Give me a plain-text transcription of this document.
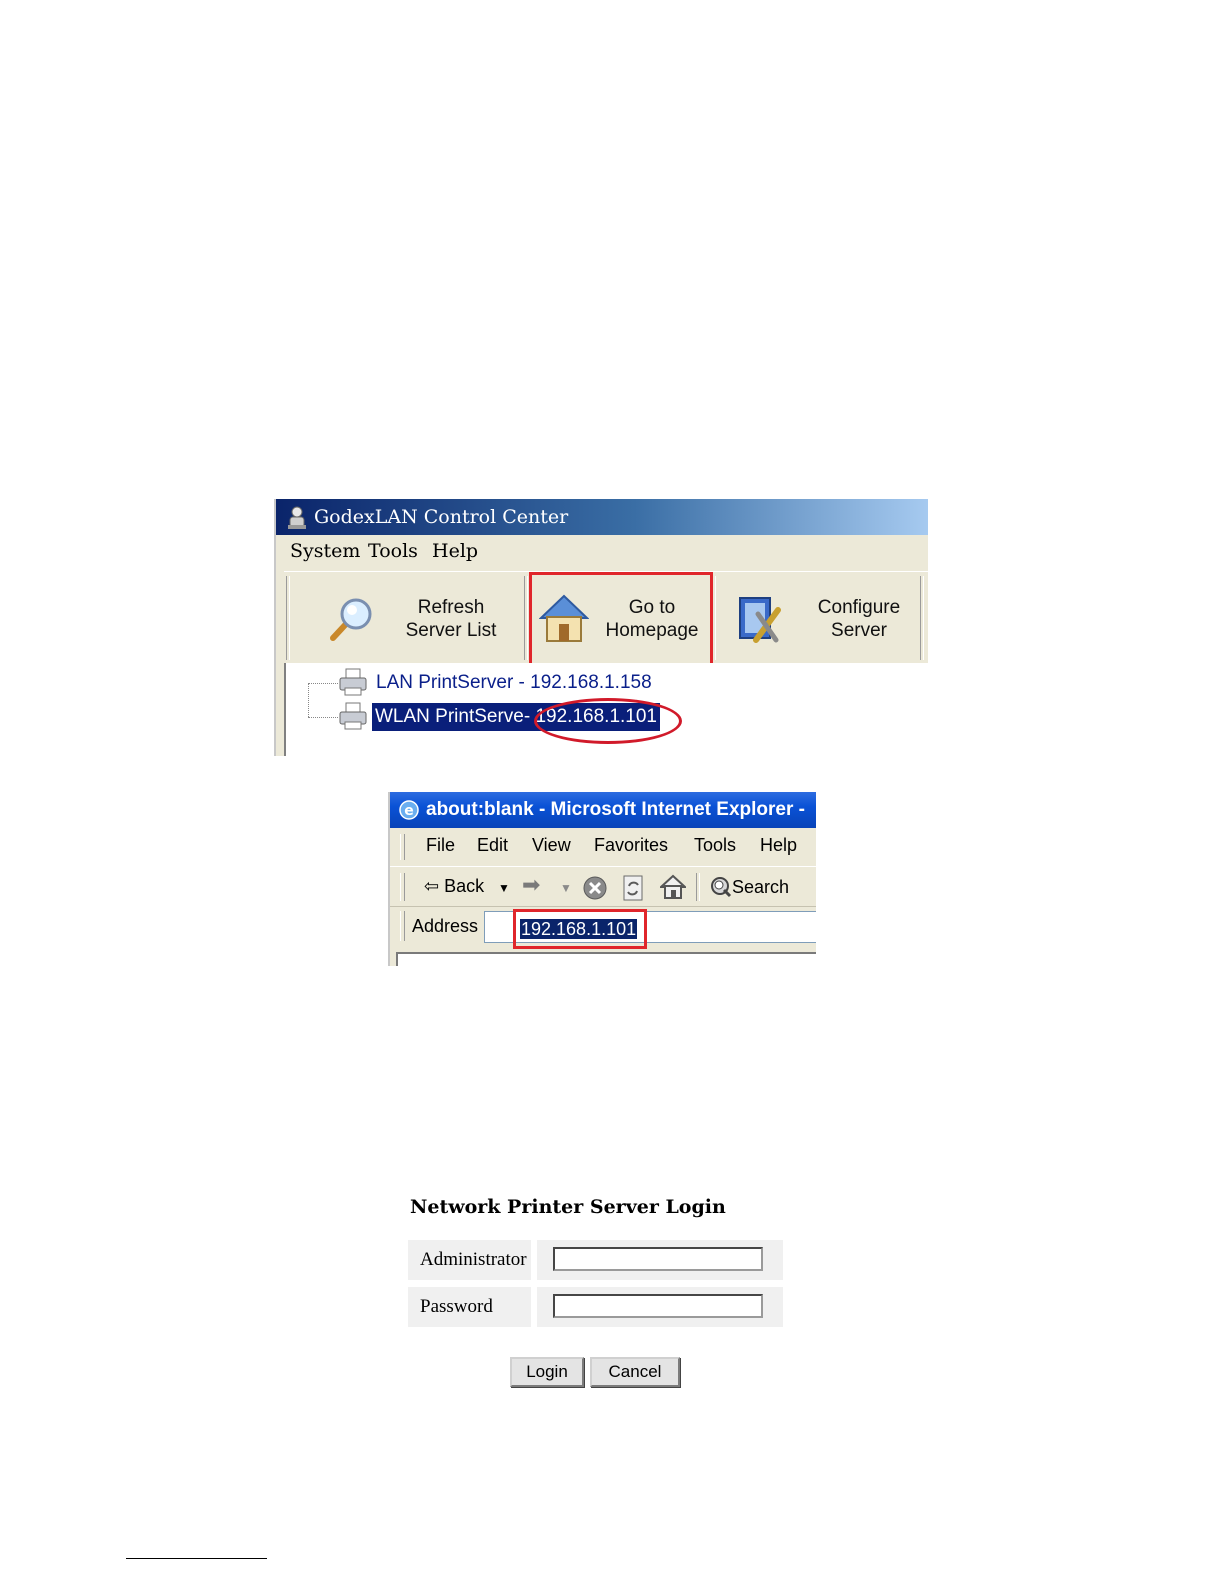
GodexLAN Control Center
System Tools Help
Refresh
Server List
Go to
Homepage
Configure
Server
LAN PrintServer - 192.168.1.158
WLAN PrintServe- 192.168.1.101
e about:blank - Microsoft Internet Explorer -
File Edit View Favorites Tools Help
⇦ Back ▼ ➡ ▼	Search
Address 192.168.1.101
Network Printer Server Login
Administrator
Password
Login	Cancel
